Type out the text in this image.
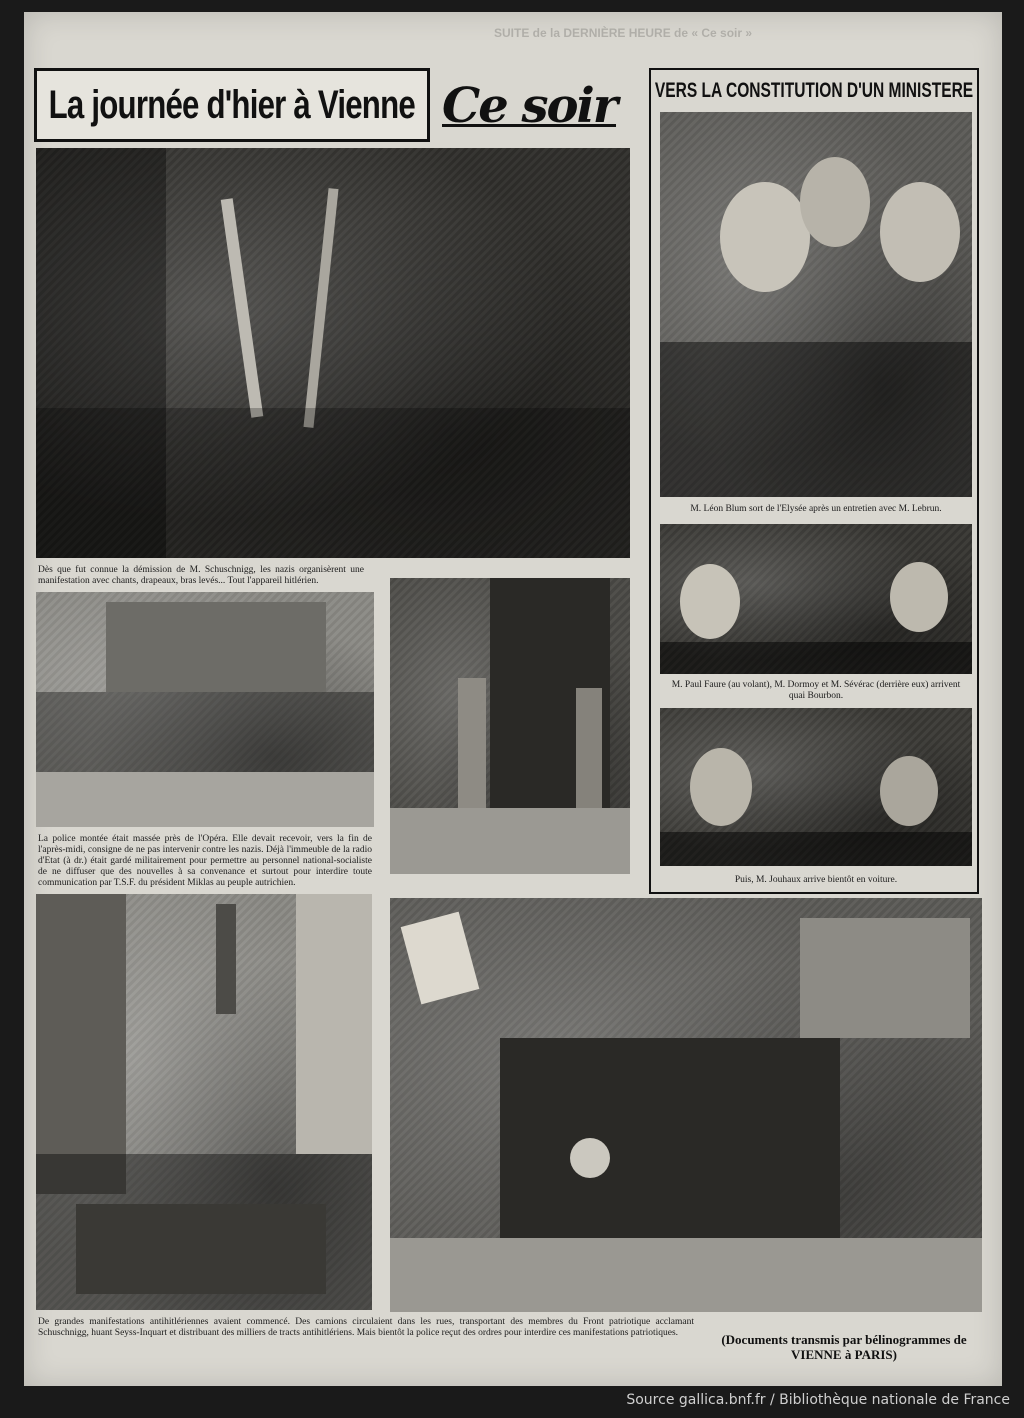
SUITE de la DERNIÈRE HEURE de « Ce soir »
La journée d'hier à Vienne Ce soir VERS LA CONSTITUTION D'UN MINISTERE
Dès que fut connue la démission de M. Schuschnigg, les nazis organisèrent une manifestation avec chants, drapeaux, bras levés... Tout l'appareil hitlérien.
M. Léon Blum sort de l'Elysée après un entretien avec M. Lebrun.
M. Paul Faure (au volant), M. Dormoy et M. Sévérac (derrière eux) arrivent quai Bourbon.
Puis, M. Jouhaux arrive bientôt en voiture.
La police montée était massée près de l'Opéra. Elle devait recevoir, vers la fin de l'après-midi, consigne de ne pas intervenir contre les nazis. Déjà l'immeuble de la radio d'Etat (à dr.) était gardé militairement pour permettre au personnel national-socialiste de ne diffuser que des nouvelles à sa convenance et surtout pour interdire toute communication par T.S.F. du président Miklas au peuple autrichien.
De grandes manifestations antihitlériennes avaient commencé. Des camions circulaient dans les rues, transportant des membres du Front patriotique acclamant Schuschnigg, huant Seyss-Inquart et distribuant des milliers de tracts antihitlériens. Mais bientôt la police reçut des ordres pour interdire ces manifestations patriotiques.	(Documents transmis par bélinogrammes de VIENNE à PARIS)
Source gallica.bnf.fr / Bibliothèque nationale de France
